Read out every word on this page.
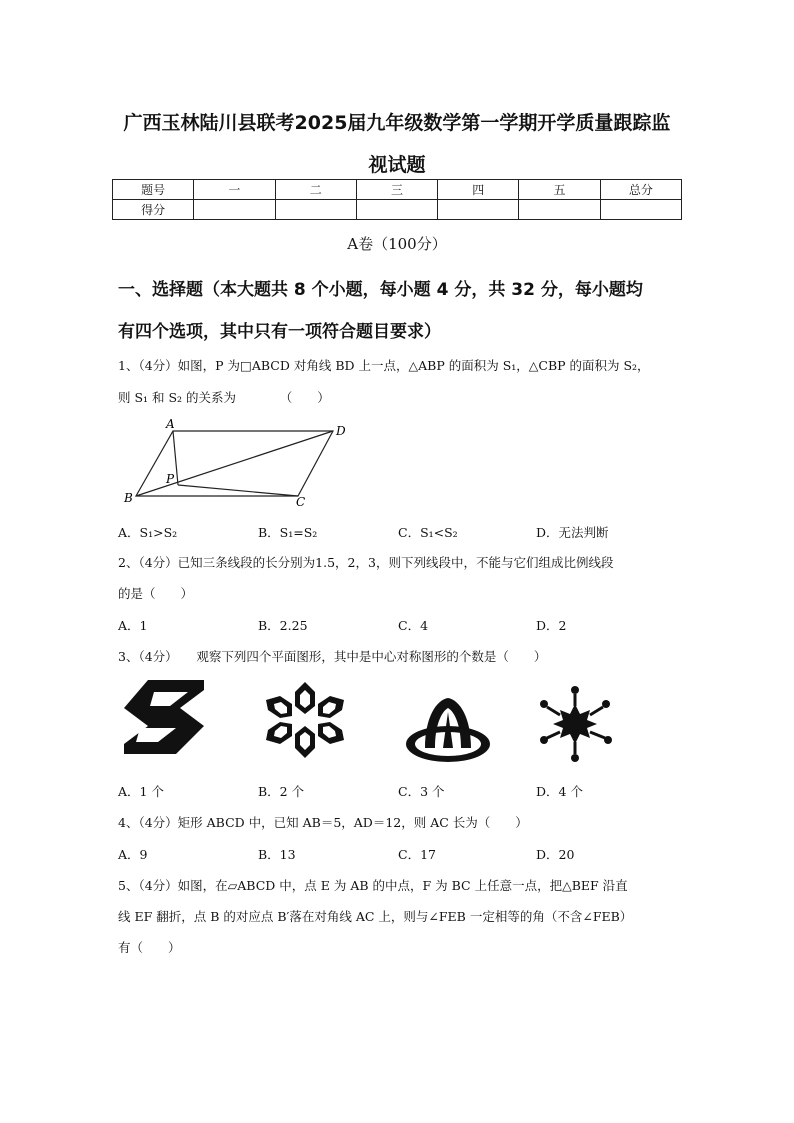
广西玉林陆川县联考2025届九年级数学第一学期开学质量跟踪监
视试题
题号	一	二	三	四	五	总分
得分						
A卷（100分）
一、选择题（本大题共 8 个小题，每小题 4 分，共 32 分，每小题均
有四个选项，其中只有一项符合题目要求）
1、（4分）如图，P 为□ABCD 对角线 BD 上一点，△ABP 的面积为 S₁，△CBP 的面积为 S₂，
则 S₁ 和 S₂ 的关系为　　　　（　　）
A	D
P
B	C
A．S₁>S₂	B．S₁=S₂	C．S₁<S₂	D．无法判断
2、（4分）已知三条线段的长分别为1.5，2，3，则下列线段中，不能与它们组成比例线段
的是（　　）
A．1	B．2.25	C．4	D．2
3、（4分）　　观察下列四个平面图形，其中是中心对称图形的个数是（　　）
A．1 个	B．2 个	C．3 个	D．4 个
4、（4分）矩形 ABCD 中，已知 AB＝5，AD＝12，则 AC 长为（　　）
A．9	B．13	C．17	D．20
5、（4分）如图，在▱ABCD 中，点 E 为 AB 的中点，F 为 BC 上任意一点，把△BEF 沿直
线 EF 翻折，点 B 的对应点 B′落在对角线 AC 上，则与∠FEB 一定相等的角（不含∠FEB）
有（　　）
